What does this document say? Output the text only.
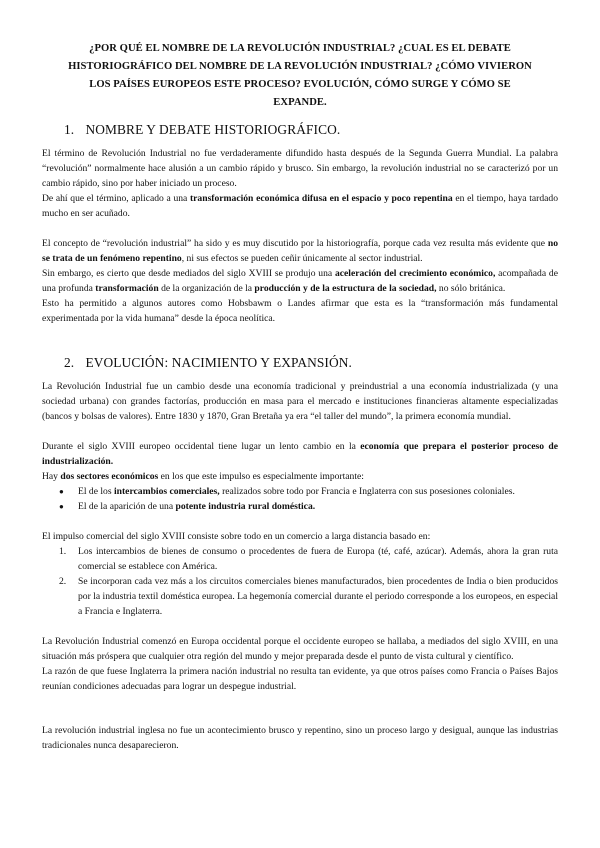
¿POR QUÉ EL NOMBRE DE LA REVOLUCIÓN INDUSTRIAL? ¿CUAL ES EL DEBATE
HISTORIOGRÁFICO DEL NOMBRE DE LA REVOLUCIÓN INDUSTRIAL? ¿CÓMO VIVIERON
LOS PAÍSES EUROPEOS ESTE PROCESO? EVOLUCIÓN, CÓMO SURGE Y CÓMO SE
EXPANDE.
1. NOMBRE Y DEBATE HISTORIOGRÁFICO.

El término de Revolución Industrial no fue verdaderamente difundido hasta después de la Segunda Guerra Mundial. La palabra “revolución” normalmente hace alusión a un cambio rápido y brusco. Sin embargo, la revolución industrial no se caracterizó por un cambio rápido, sino por haber iniciado un proceso.

De ahí que el término, aplicado a una transformación económica difusa en el espacio y poco repentina en el tiempo, haya tardado mucho en ser acuñado.

El concepto de “revolución industrial” ha sido y es muy discutido por la historiografía, porque cada vez resulta más evidente que no se trata de un fenómeno repentino, ni sus efectos se pueden ceñir únicamente al sector industrial.

Sin embargo, es cierto que desde mediados del siglo XVIII se produjo una aceleración del crecimiento económico, acompañada de una profunda transformación de la organización de la producción y de la estructura de la sociedad, no sólo británica.

Esto ha permitido a algunos autores como Hobsbawm o Landes afirmar que esta es la “transformación más fundamental experimentada por la vida humana” desde la época neolítica.

2. EVOLUCIÓN: NACIMIENTO Y EXPANSIÓN.

La Revolución Industrial fue un cambio desde una economía tradicional y preindustrial a una economía industrializada (y una sociedad urbana) con grandes factorías, producción en masa para el mercado e instituciones financieras altamente especializadas (bancos y bolsas de valores). Entre 1830 y 1870, Gran Bretaña ya era “el taller del mundo”, la primera economía mundial.

Durante el siglo XVIII europeo occidental tiene lugar un lento cambio en la economía que prepara el posterior proceso de industrialización.

Hay dos sectores económicos en los que este impulso es especialmente importante:

● El de los intercambios comerciales, realizados sobre todo por Francia e Inglaterra con sus posesiones coloniales.
● El de la aparición de una potente industria rural doméstica.

El impulso comercial del siglo XVIII consiste sobre todo en un comercio a larga distancia basado en:

1. Los intercambios de bienes de consumo o procedentes de fuera de Europa (té, café, azúcar). Además, ahora la gran ruta comercial se establece con América.
2. Se incorporan cada vez más a los circuitos comerciales bienes manufacturados, bien procedentes de India o bien producidos por la industria textil doméstica europea. La hegemonía comercial durante el periodo corresponde a los europeos, en especial a Francia e Inglaterra.

La Revolución Industrial comenzó en Europa occidental porque el occidente europeo se hallaba, a mediados del siglo XVIII, en una situación más próspera que cualquier otra región del mundo y mejor preparada desde el punto de vista cultural y científico.

La razón de que fuese Inglaterra la primera nación industrial no resulta tan evidente, ya que otros países como Francia o Países Bajos reunían condiciones adecuadas para lograr un despegue industrial.

La revolución industrial inglesa no fue un acontecimiento brusco y repentino, sino un proceso largo y desigual, aunque las industrias tradicionales nunca desaparecieron.
